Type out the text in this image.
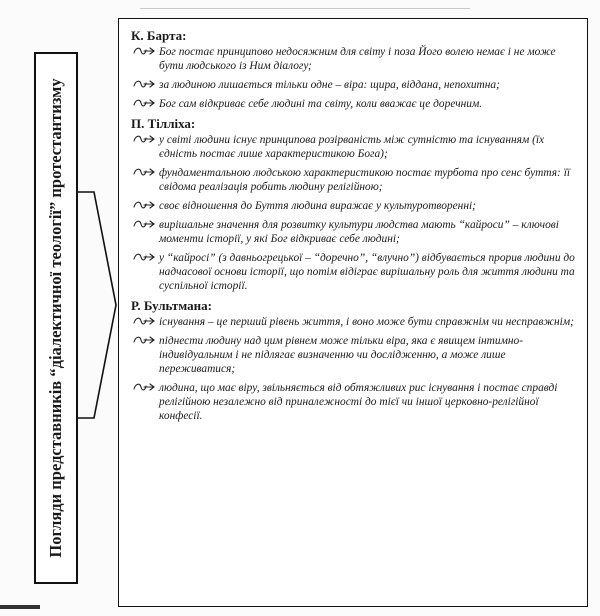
Погляди представників “діалектичної теології” протестантизму
К. Барта:
Бог постає принципово недосяжним для світу і поза Його волею немає і не може бути людського із Ним діалогу;
за людиною лишається тільки одне – віра: щира, віддана, непохитна;
Бог сам відкриває себе людині та світу, коли вважає це доречним.
П. Тілліха:
у світі людини існує принципова розірваність між сутністю та існуванням (їх єдність постає лише характеристикою Бога);
фундаментальною людською характеристикою постає турбота про сенс буття: її свідома реалізація робить людину релігійною;
своє відношення до Буття людина виражає у культуротворенні;
вирішальне значення для розвитку культури людства мають “кайроси” – ключові моменти історії, у які Бог відкриває себе людині;
у “кайросі” (з давньогрецької – “доречно”, “влучно”) відбувається прорив людини до надчасової основи історії, що потім відіграє вирішальну роль для життя людини та суспільної історії.
Р. Бультмана:
існування – це перший рівень життя, і воно може бути справжнім чи несправжнім;
піднести людину над цим рівнем може тільки віра, яка є явищем інтимно-індивідуальним і не підлягає визначенню чи дослідженню, а може лише переживатися;
людина, що має віру, звільняється від обтяжливих рис існування і постає справді релігійною незалежно від приналежності до тієї чи іншої церковно-релігійної конфесії.
